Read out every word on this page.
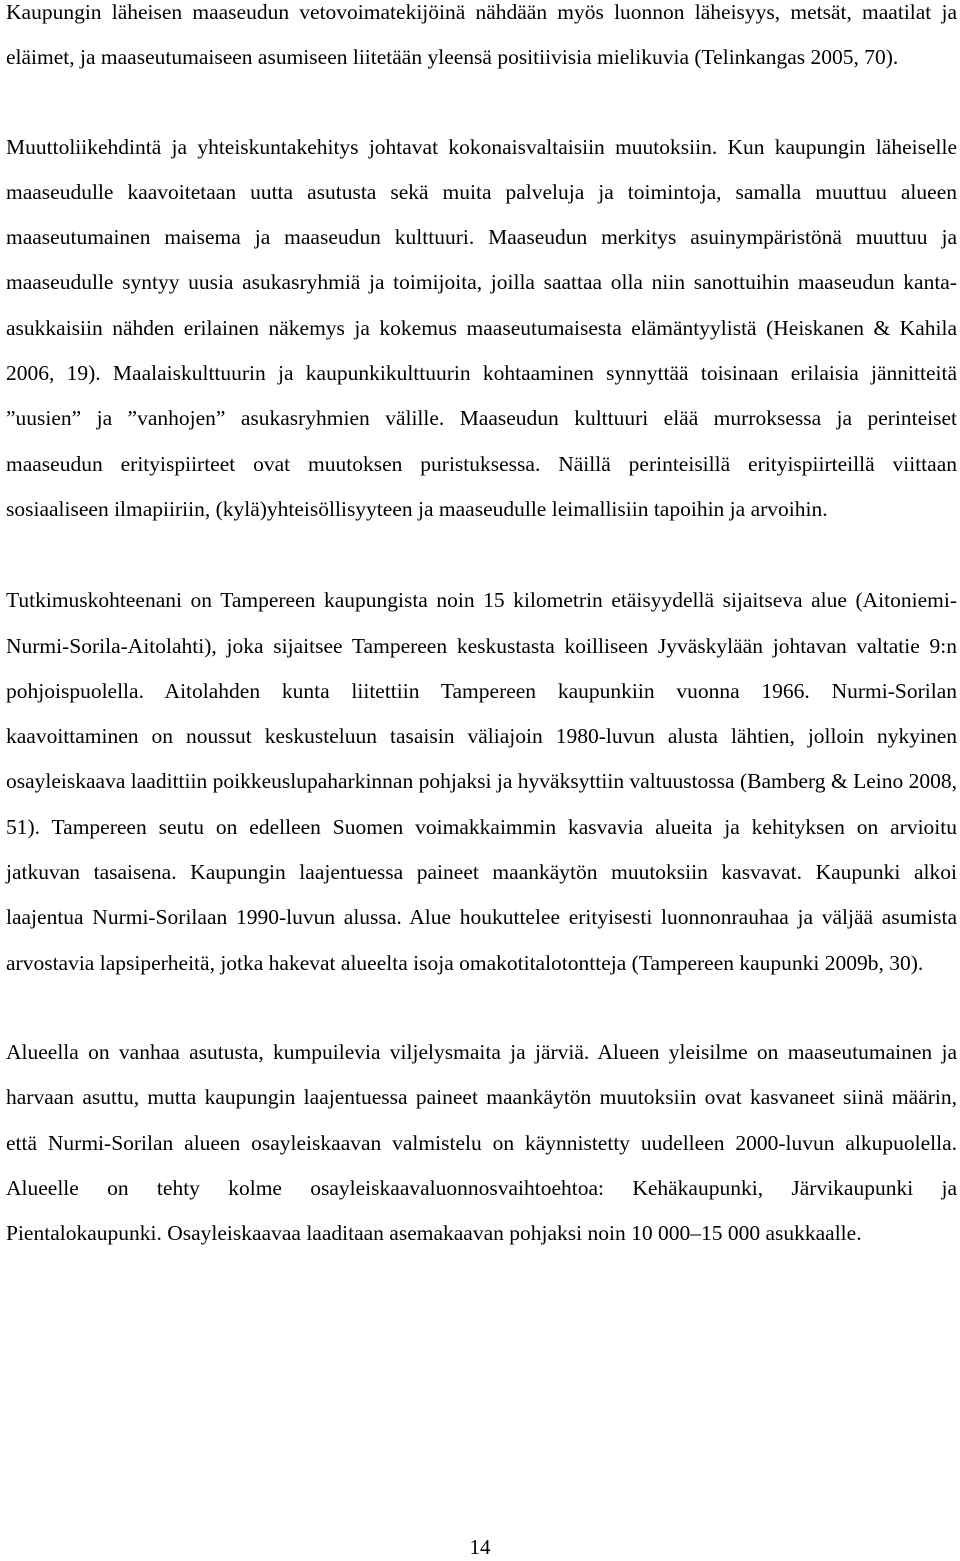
Kaupungin läheisen maaseudun vetovoimatekijöinä nähdään myös luonnon läheisyys, metsät, maatilat ja eläimet, ja maaseutumaiseen asumiseen liitetään yleensä positiivisia mielikuvia (Telinkangas 2005, 70).

Muuttoliikehdintä ja yhteiskuntakehitys johtavat kokonaisvaltaisiin muutoksiin. Kun kaupungin läheiselle maaseudulle kaavoitetaan uutta asutusta sekä muita palveluja ja toimintoja, samalla muuttuu alueen maaseutumainen maisema ja maaseudun kulttuuri. Maaseudun merkitys asuinympäristönä muuttuu ja maaseudulle syntyy uusia asukasryhmiä ja toimijoita, joilla saattaa olla niin sanottuihin maaseudun kanta-asukkaisiin nähden erilainen näkemys ja kokemus maaseutumaisesta elämäntyylistä (Heiskanen & Kahila 2006, 19). Maalaiskulttuurin ja kaupunkikulttuurin kohtaaminen synnyttää toisinaan erilaisia jännitteitä ”uusien” ja ”vanhojen” asukasryhmien välille. Maaseudun kulttuuri elää murroksessa ja perinteiset maaseudun erityispiirteet ovat muutoksen puristuksessa. Näillä perinteisillä erityispiirteillä viittaan sosiaaliseen ilmapiiriin, (kylä)yhteisöllisyyteen ja maaseudulle leimallisiin tapoihin ja arvoihin.

Tutkimuskohteenani on Tampereen kaupungista noin 15 kilometrin etäisyydellä sijaitseva alue (Aitoniemi-Nurmi-Sorila-Aitolahti), joka sijaitsee Tampereen keskustasta koilliseen Jyväskylään johtavan valtatie 9:n pohjoispuolella. Aitolahden kunta liitettiin Tampereen kaupunkiin vuonna 1966. Nurmi-Sorilan kaavoittaminen on noussut keskusteluun tasaisin väliajoin 1980-luvun alusta lähtien, jolloin nykyinen osayleiskaava laadittiin poikkeuslupaharkinnan pohjaksi ja hyväksyttiin valtuustossa (Bamberg & Leino 2008, 51). Tampereen seutu on edelleen Suomen voimakkaimmin kasvavia alueita ja kehityksen on arvioitu jatkuvan tasaisena. Kaupungin laajentuessa paineet maankäytön muutoksiin kasvavat. Kaupunki alkoi laajentua Nurmi-Sorilaan 1990-luvun alussa. Alue houkuttelee erityisesti luonnonrauhaa ja väljää asumista arvostavia lapsiperheitä, jotka hakevat alueelta isoja omakotitalotontteja (Tampereen kaupunki 2009b, 30).

Alueella on vanhaa asutusta, kumpuilevia viljelysmaita ja järviä. Alueen yleisilme on maaseutumainen ja harvaan asuttu, mutta kaupungin laajentuessa paineet maankäytön muutoksiin ovat kasvaneet siinä määrin, että Nurmi-Sorilan alueen osayleiskaavan valmistelu on käynnistetty uudelleen 2000-luvun alkupuolella. Alueelle on tehty kolme osayleiskaavaluonnosvaihtoehtoa: Kehäkaupunki, Järvikaupunki ja Pientalokaupunki. Osayleiskaavaa laaditaan asemakaavan pohjaksi noin 10 000–15 000 asukkaalle.

14
